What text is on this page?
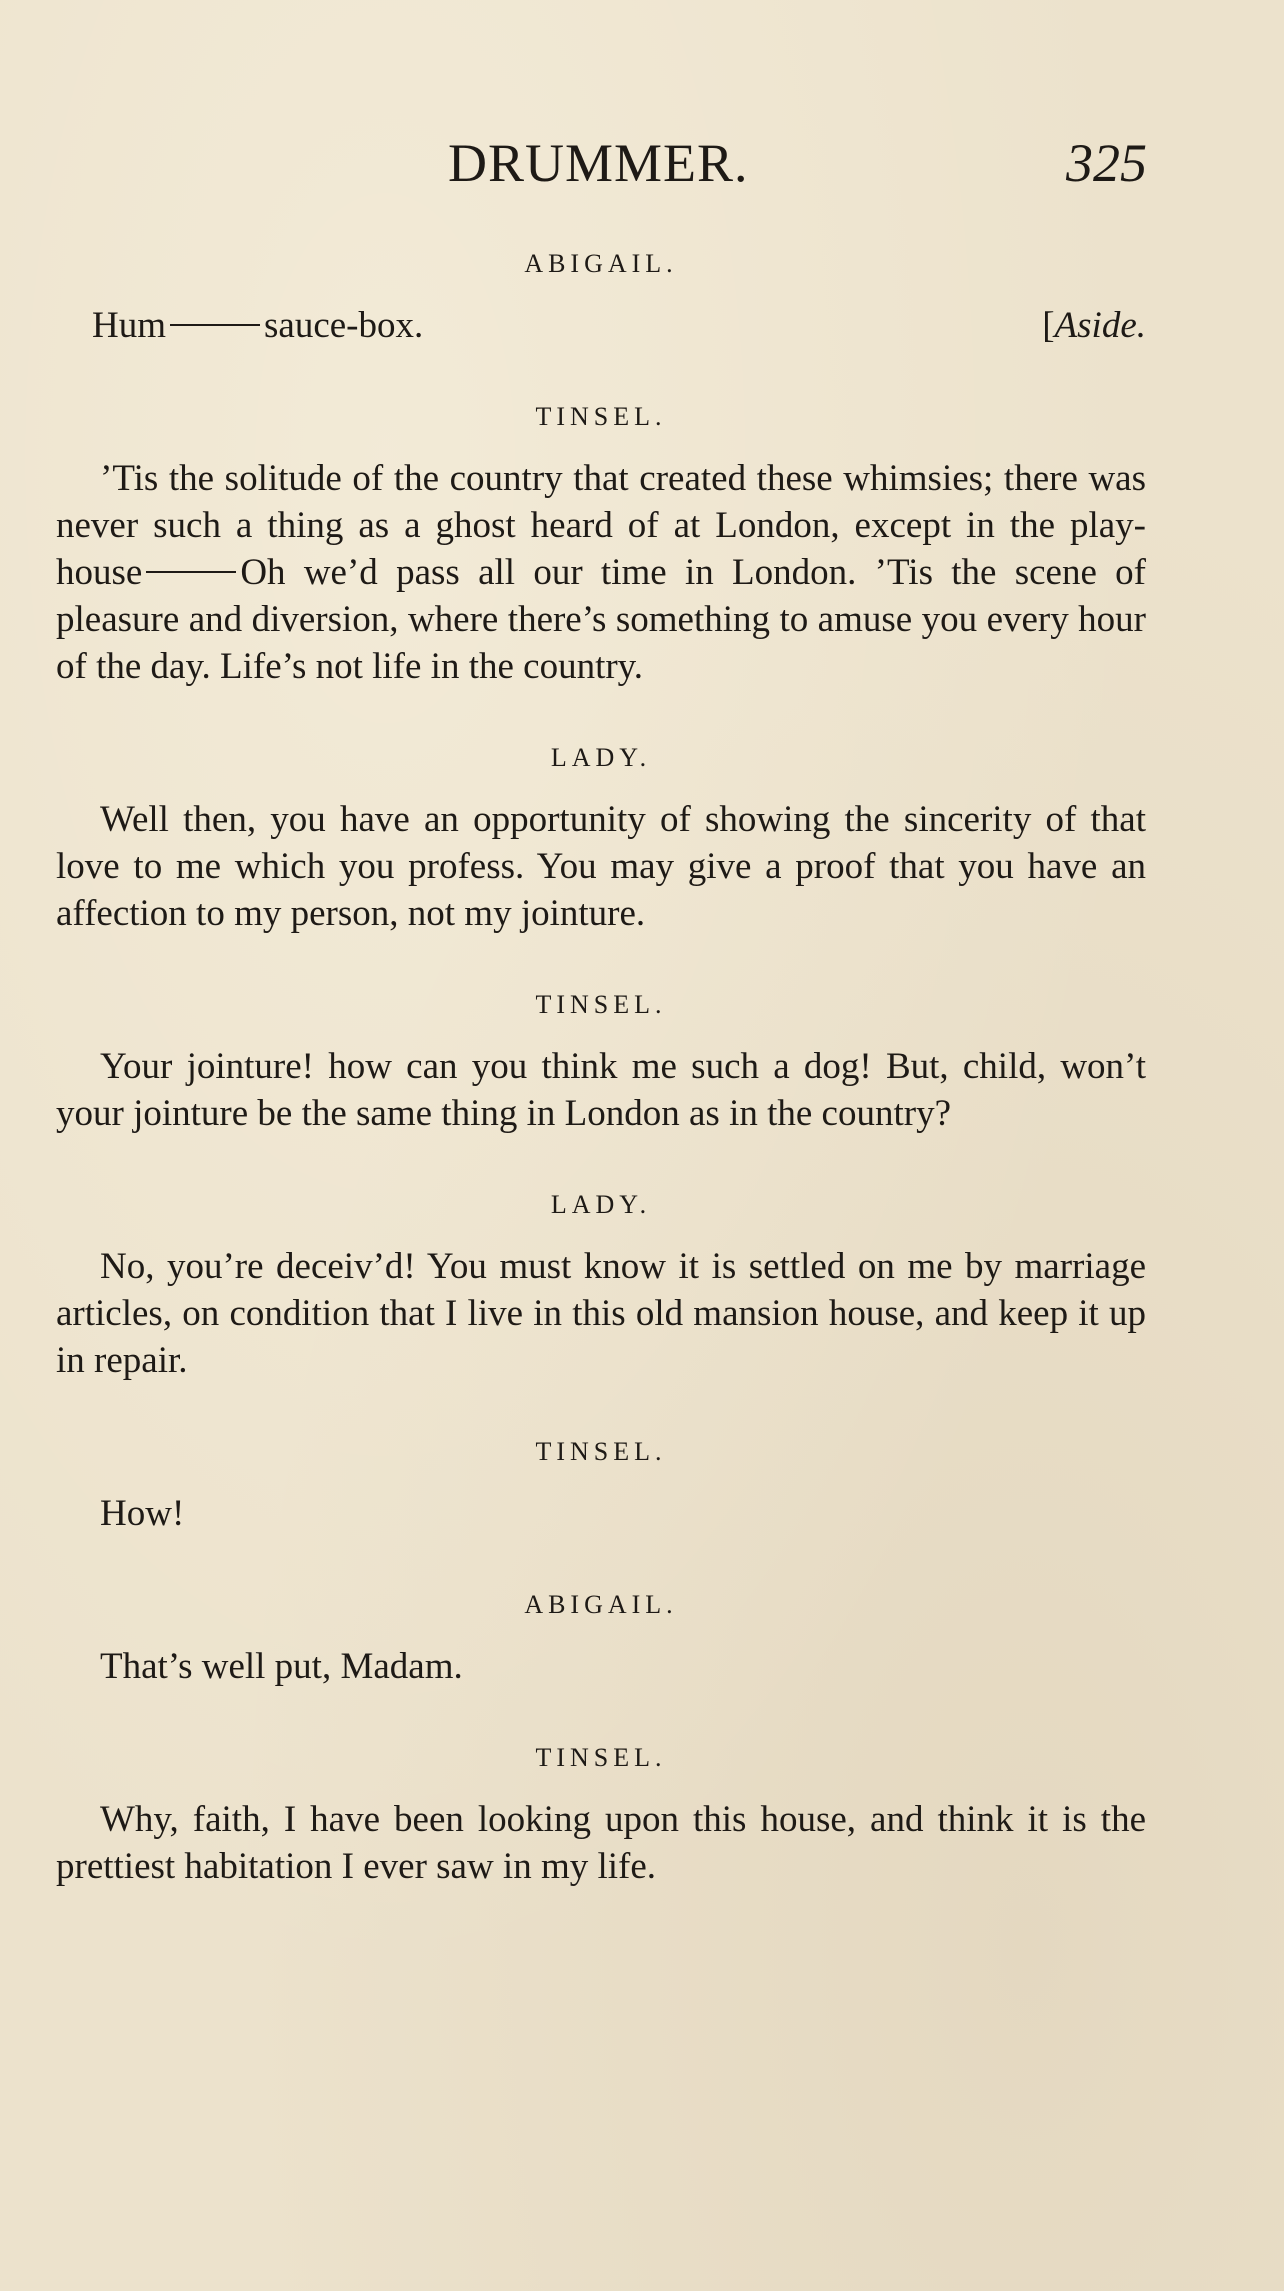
DRUMMER.	325
ABIGAIL.
Hum	sauce-box.	[Aside.
TINSEL.
’Tis the solitude of the country that created these whimsies; there was never such a thing as a ghost heard of at London, except in the play-house	Oh we’d pass all our time in London. ’Tis the scene of pleasure and diversion, where there’s something to amuse you every hour of the day. Life’s not life in the country.
LADY.
Well then, you have an opportunity of showing the sincerity of that love to me which you profess. You may give a proof that you have an affection to my person, not my jointure.
TINSEL.
Your jointure! how can you think me such a dog! But, child, won’t your jointure be the same thing in London as in the country?
LADY.
No, you’re deceiv’d! You must know it is settled on me by marriage articles, on condition that I live in this old mansion house, and keep it up in repair.
TINSEL.
How!
ABIGAIL.
That’s well put, Madam.
TINSEL.
Why, faith, I have been looking upon this house, and think it is the prettiest habitation I ever saw in my life.
